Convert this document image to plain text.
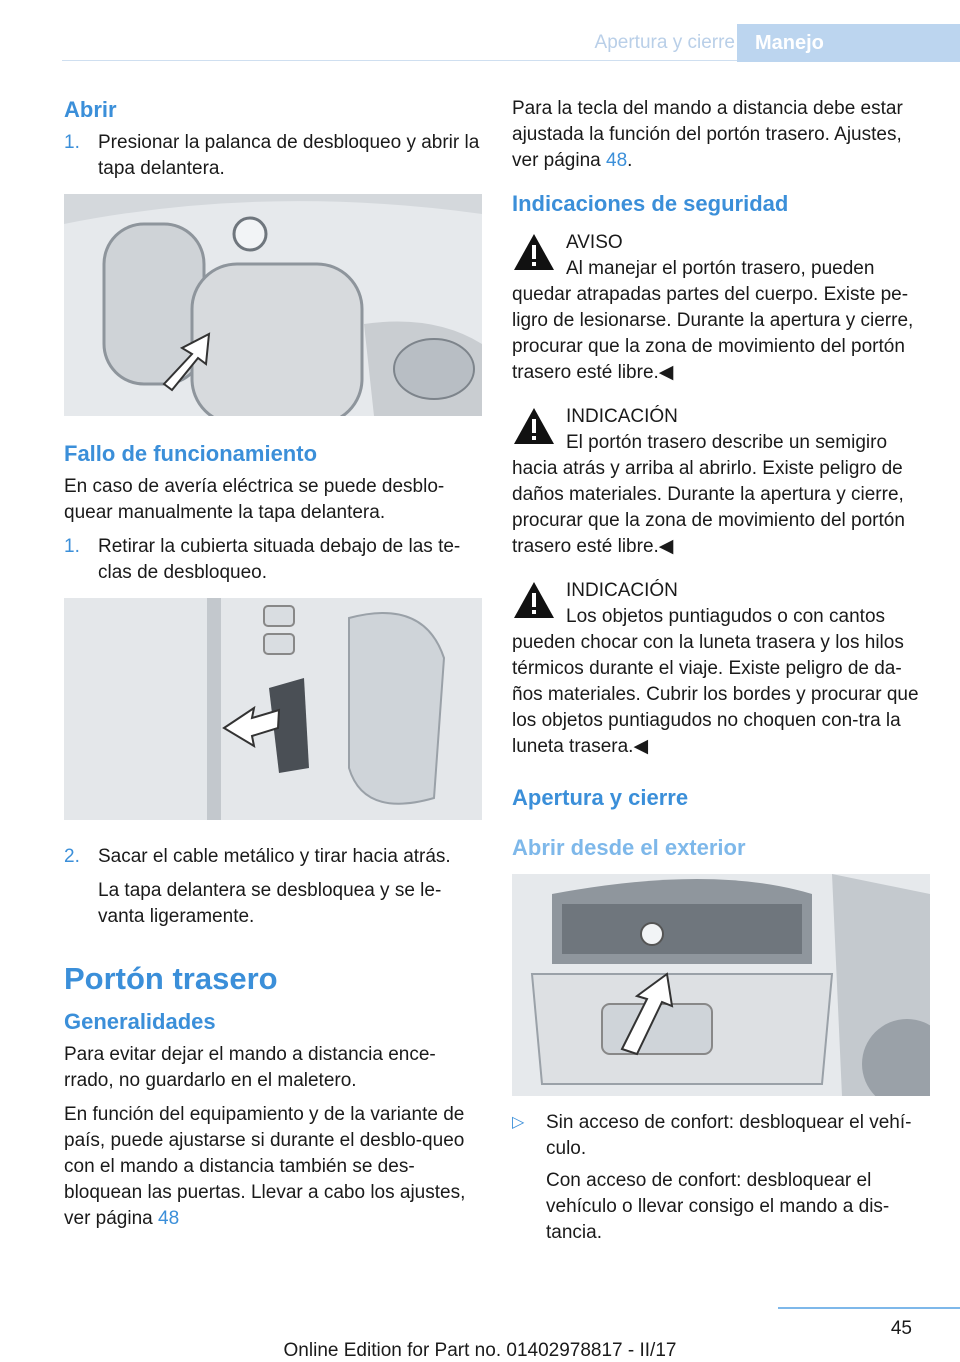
Apertura y cierre	Manejo
Abrir
1. Presionar la palanca de desbloqueo y abrir la tapa delantera.
Fallo de funcionamiento
En caso de avería eléctrica se puede desblo‐quear manualmente la tapa delantera.
1. Retirar la cubierta situada debajo de las te‐clas de desbloqueo.
2. Sacar el cable metálico y tirar hacia atrás.
La tapa delantera se desbloquea y se le‐vanta ligeramente.
Portón trasero
Generalidades
Para evitar dejar el mando a distancia ence‐rrado, no guardarlo en el maletero.
En función del equipamiento y de la variante de país, puede ajustarse si durante el desblo‐queo con el mando a distancia también se des‐bloquean las puertas. Llevar a cabo los ajustes, ver página 48
Para la tecla del mando a distancia debe estar ajustada la función del portón trasero. Ajustes, ver página 48.
Indicaciones de seguridad
AVISO
Al manejar el portón trasero, pueden
quedar atrapadas partes del cuerpo. Existe pe‐ligro de lesionarse. Durante la apertura y cierre, procurar que la zona de movimiento del portón trasero esté libre.◀
INDICACIÓN
El portón trasero describe un semigiro
hacia atrás y arriba al abrirlo. Existe peligro de daños materiales. Durante la apertura y cierre, procurar que la zona de movimiento del portón trasero esté libre.◀
INDICACIÓN
Los objetos puntiagudos o con cantos
pueden chocar con la luneta trasera y los hilos térmicos durante el viaje. Existe peligro de da‐ños materiales. Cubrir los bordes y procurar que los objetos puntiagudos no choquen con‐tra la luneta trasera.◀
Apertura y cierre
Abrir desde el exterior
▷	Sin acceso de confort: desbloquear el vehí‐culo.
Con acceso de confort: desbloquear el vehículo o llevar consigo el mando a dis‐tancia.
45
Online Edition for Part no. 01402978817 - II/17
